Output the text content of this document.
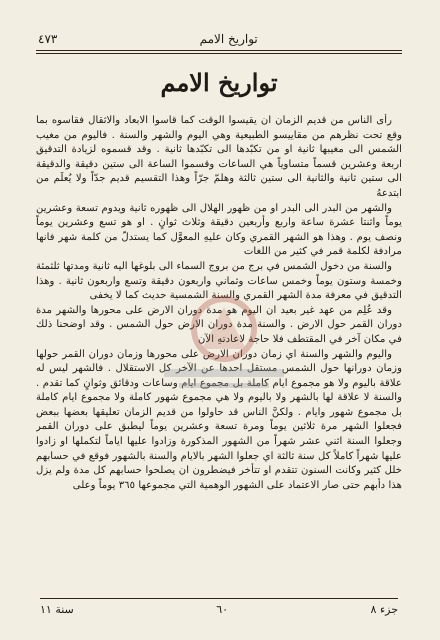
تواريخ الامم
٤٧٣
تواريخ الامم

رأى الناس من قديم الزمان ان يقيسوا الوقت كما قاسوا الابعاد والاثقال فقاسوه بما وقع تحت نظرهم من مقاييسو الطبيعية وهي اليوم والشهر والسنة . فاليوم من مغيب الشمس الى مغيبها ثانية او من تكبّدها الى تكبّدها ثانية . وقد قسموه لزيادة التدقيق اربعة وعشرين قسماً متساوياً هي الساعات وقسموا الساعة الى ستين دقيقة والدقيقة الى ستين ثانية والثانية الى ستين ثالثة وهلمّ جرّاً وهذا التقسيم قديم جدّاً ولا يُعلَم من ابتدعهُ

والشهر من البدر الى البدر او من ظهور الهلال الى ظهوره ثانية ويدوم تسعة وعشرين يوماً واثنتا عشرة ساعة واربع وأربعين دقيقة وثلاث ثوانٍ . او هو تسع وعشرين يوماً ونصف يوم . وهذا هو الشهر القمري وكان عليهِ المعوَّل كما يستدلّ من كلمة شهر فانها مرادفة لكلمة قمر في كثير من اللغات

والسنة من دخول الشمس في برج من بروج السماء الى بلوغها اليه ثانية ومدتها ثلثمئة وخمسة وستون يوماً وخمس ساعات وثماني واربعون دقيقة وتسع واربعون ثانية . وهذا التدقيق في معرفة مدة الشهر القمري والسنة الشمسية حديث كما لا يخفى

وقد عُلِم من عهد غير بعيد ان اليوم هو مدة دوران الارض على محورها والشهر مدة دوران القمر حول الارض . والسنة مدة دوران الارض حول الشمس . وقد اوضحنا ذلك في مكان آخر في المقتطف فلا حاجة لاعادتهِ الآن

واليوم والشهر والسنة اي زمان دوران الارض على محورها وزمان دوران القمر حولها وزمان دورانها حول الشمس مستقل احدها عن الآخر كل الاستقلال . فالشهر ليس له علاقة باليوم ولا هو مجموع ايام كاملة بل مجموع ايام وساعات ودقائق وثوانٍ كما تقدم . والسنة لا علاقة لها بالشهر ولا باليوم ولا هي مجموع شهور كاملة ولا مجموع ايام كاملة بل مجموع شهور وايام . ولكنَّ الناس قد حاولوا من قديم الزمان تعليقها بعضها ببعض فجعلوا الشهر مرة ثلاثين يوماً ومرة تسعة وعشرين يوماً ليطبق على دوران القمر وجعلوا السنة اثني عشر شهراً من الشهور المذكورة وزادوا عليها اياماً لتكملها او زادوا عليها شهراً كاملاً كل سنة ثالثة اي جعلوا الشهر بالايام والسنة بالشهور فوقع في حسابهم خلل كثير وكانت السنون تتقدم او تتأخر فيضطرون ان يصلحوا حسابهم كل مدة ولم يزل هذا دأبهم حتى صار الاعتماد على الشهور الوهمية التي مجموعها ٣٦٥ يوماً وعلى

جزء ٨
٦٠
سنة ١١
